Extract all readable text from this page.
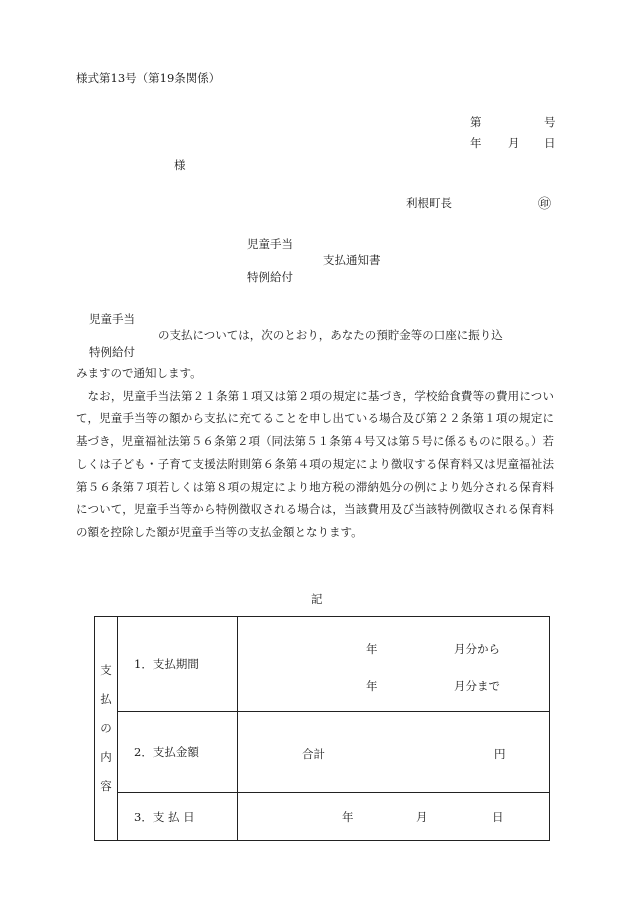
様式第13号（第19条関係）
第	号
年 月 日
様
利根町長	㊞
児童手当
支払通知書
特例給付
児童手当
の支払については，次のとおり，あなたの預貯金等の口座に振り込
特例給付

みますので通知します。

なお，児童手当法第２１条第１項又は第２項の規定に基づき，学校給食費等の費用について，児童手当等の額から支払に充てることを申し出ている場合及び第２２条第１項の規定に基づき，児童福祉法第５６条第２項（同法第５１条第４号又は第５号に係るものに限る。）若しくは子ども・子育て支援法附則第６条第４項の規定により徴収する保育料又は児童福祉法第５６条第７項若しくは第８項の規定により地方税の滞納処分の例により処分される保育料について，児童手当等から特例徴収される場合は，当該費用及び当該特例徴収される保育料の額を控除した額が児童手当等の支払金額となります。

記
支払の内容	1．支払期間	年 月分から
年 月分まで

	2．支払金額	合計 円

	3．支 払 日	年 月 日
